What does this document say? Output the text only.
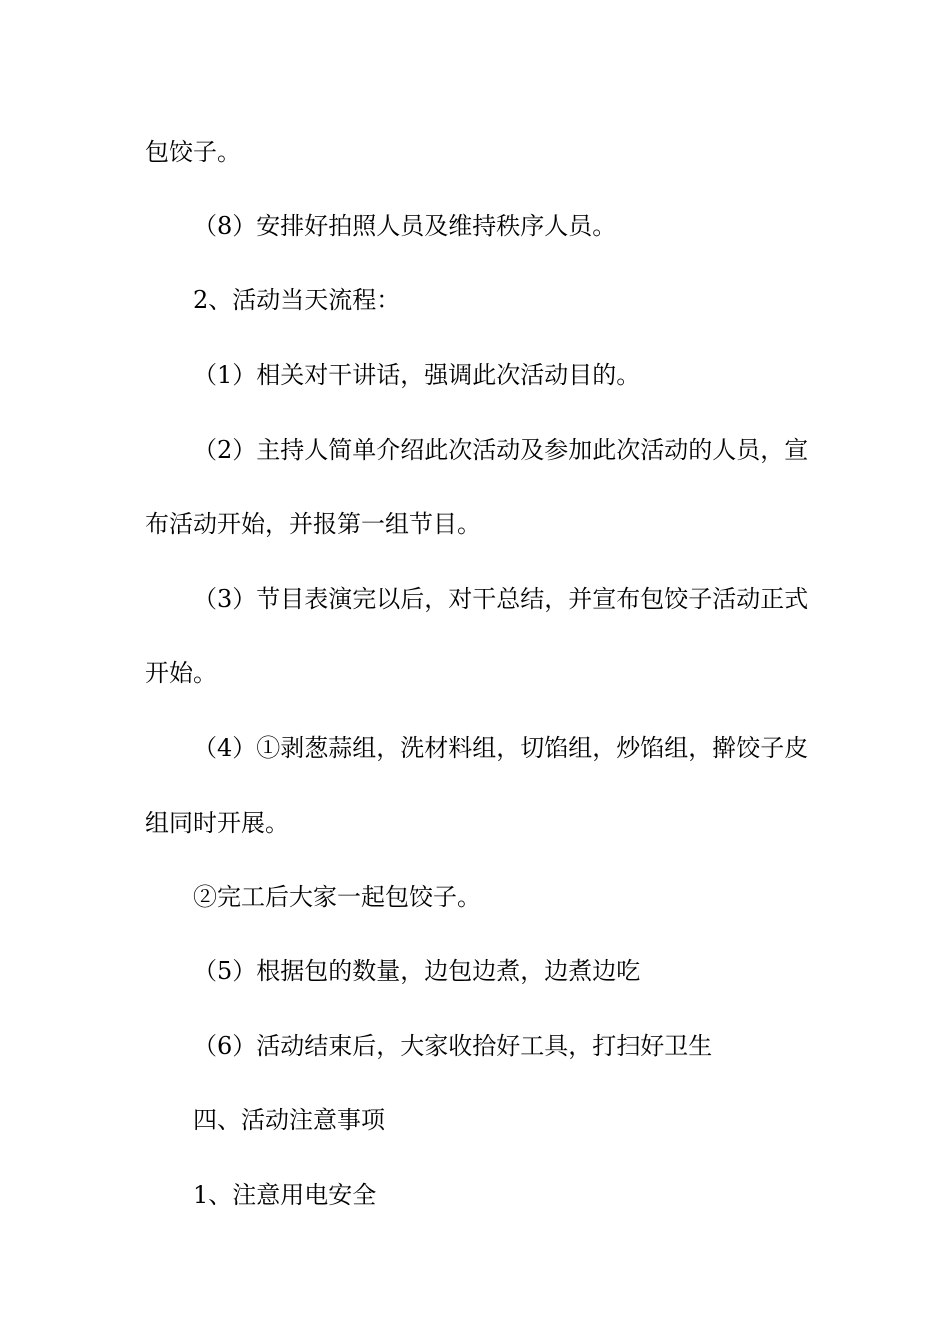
包饺子。
（8）安排好拍照人员及维持秩序人员。
2、活动当天流程：
（1）相关对干讲话，强调此次活动目的。
（2）主持人简单介绍此次活动及参加此次活动的人员，宣
布活动开始，并报第一组节目。
（3）节目表演完以后，对干总结，并宣布包饺子活动正式
开始。
（4）①剥葱蒜组，洗材料组，切馅组，炒馅组，擀饺子皮
组同时开展。
②完工后大家一起包饺子。
（5）根据包的数量，边包边煮，边煮边吃
（6）活动结束后，大家收拾好工具，打扫好卫生
四、活动注意事项
1、注意用电安全
